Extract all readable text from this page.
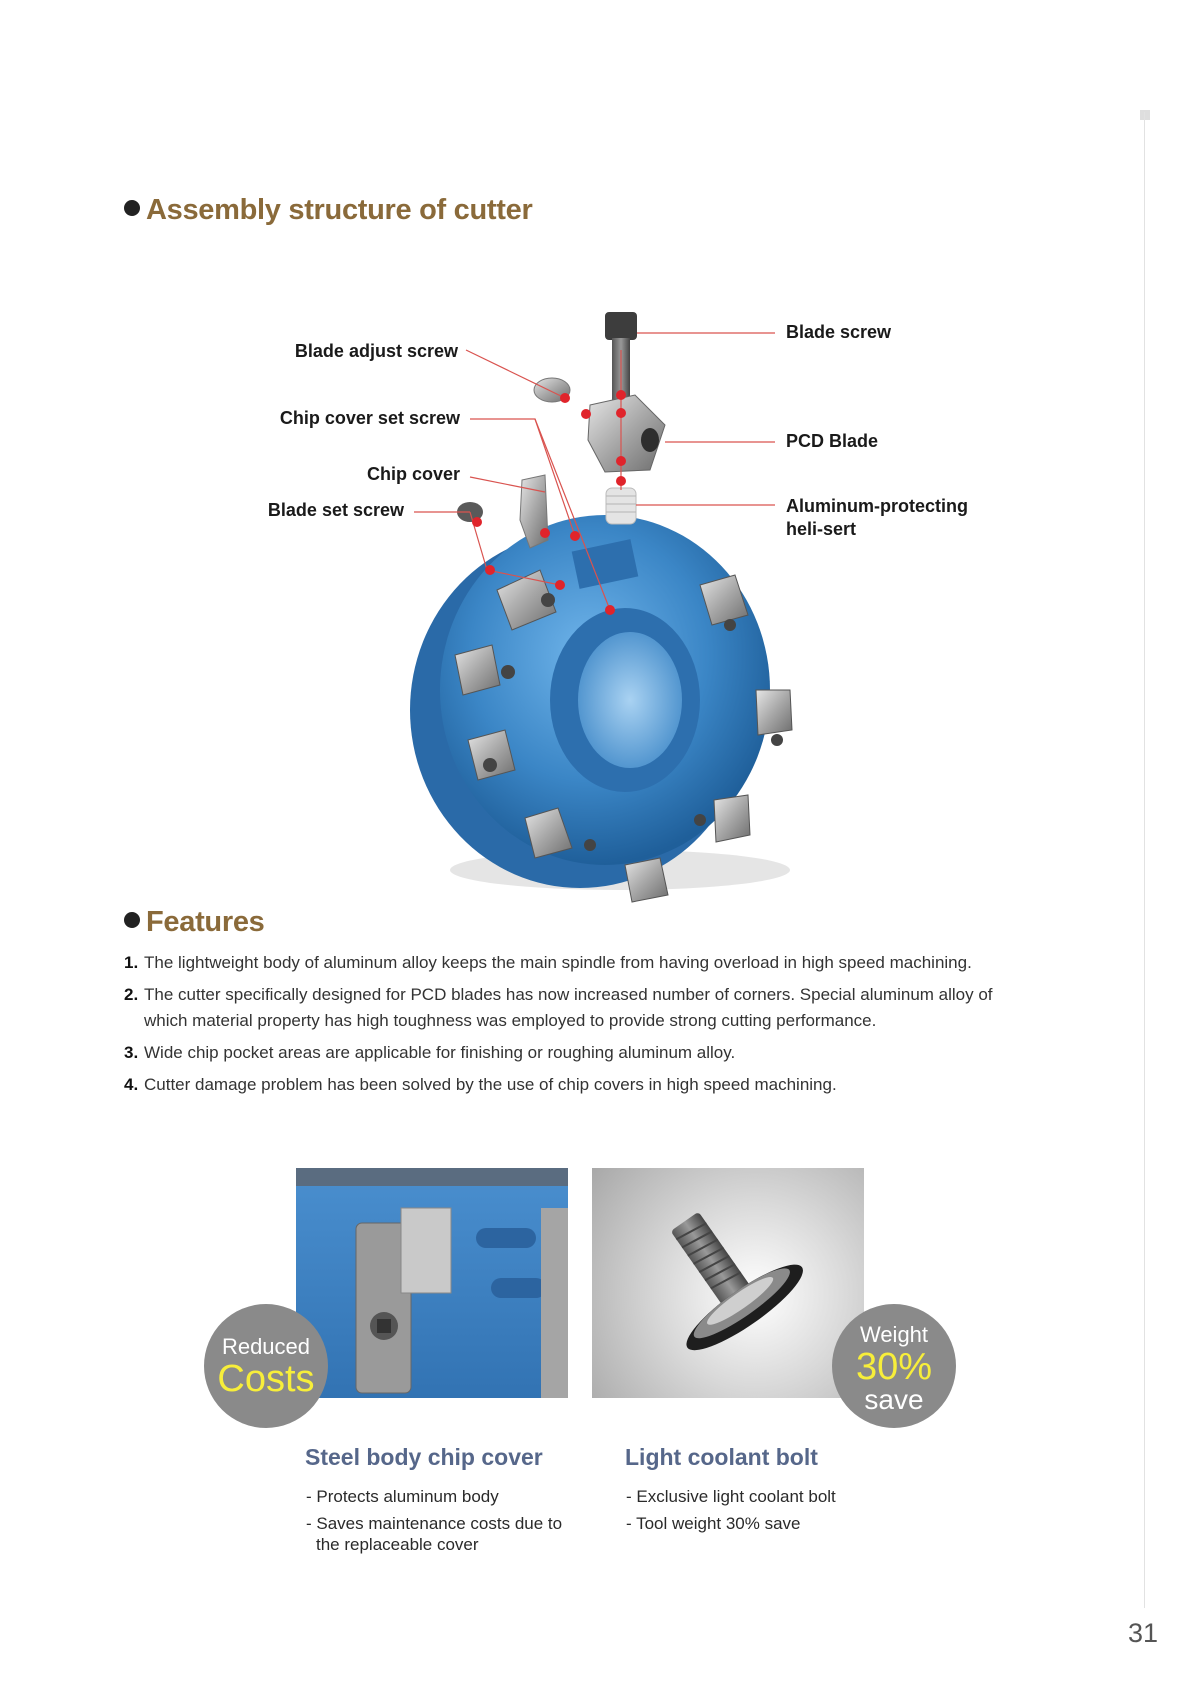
Assembly structure of cutter
Blade adjust screw
Chip cover set screw
Chip cover
Blade set screw
Blade screw
PCD Blade
Aluminum-protecting
heli-sert
Features
1. The lightweight body of aluminum alloy keeps the main spindle from having overload in high speed machining.
2. The cutter specifically designed for PCD blades has now increased number of corners. Special aluminum alloy of which material property has high toughness was employed to provide strong cutting performance.
3. Wide chip pocket areas are applicable for finishing or roughing aluminum alloy.
4. Cutter damage problem has been solved by the use of chip covers in high speed machining.
Reduced
Costs
Weight
30%
save
Steel body chip cover	Light coolant bolt
- Protects aluminum body
- Saves maintenance costs due to
the replaceable cover
- Exclusive light coolant bolt
- Tool weight 30% save
31
